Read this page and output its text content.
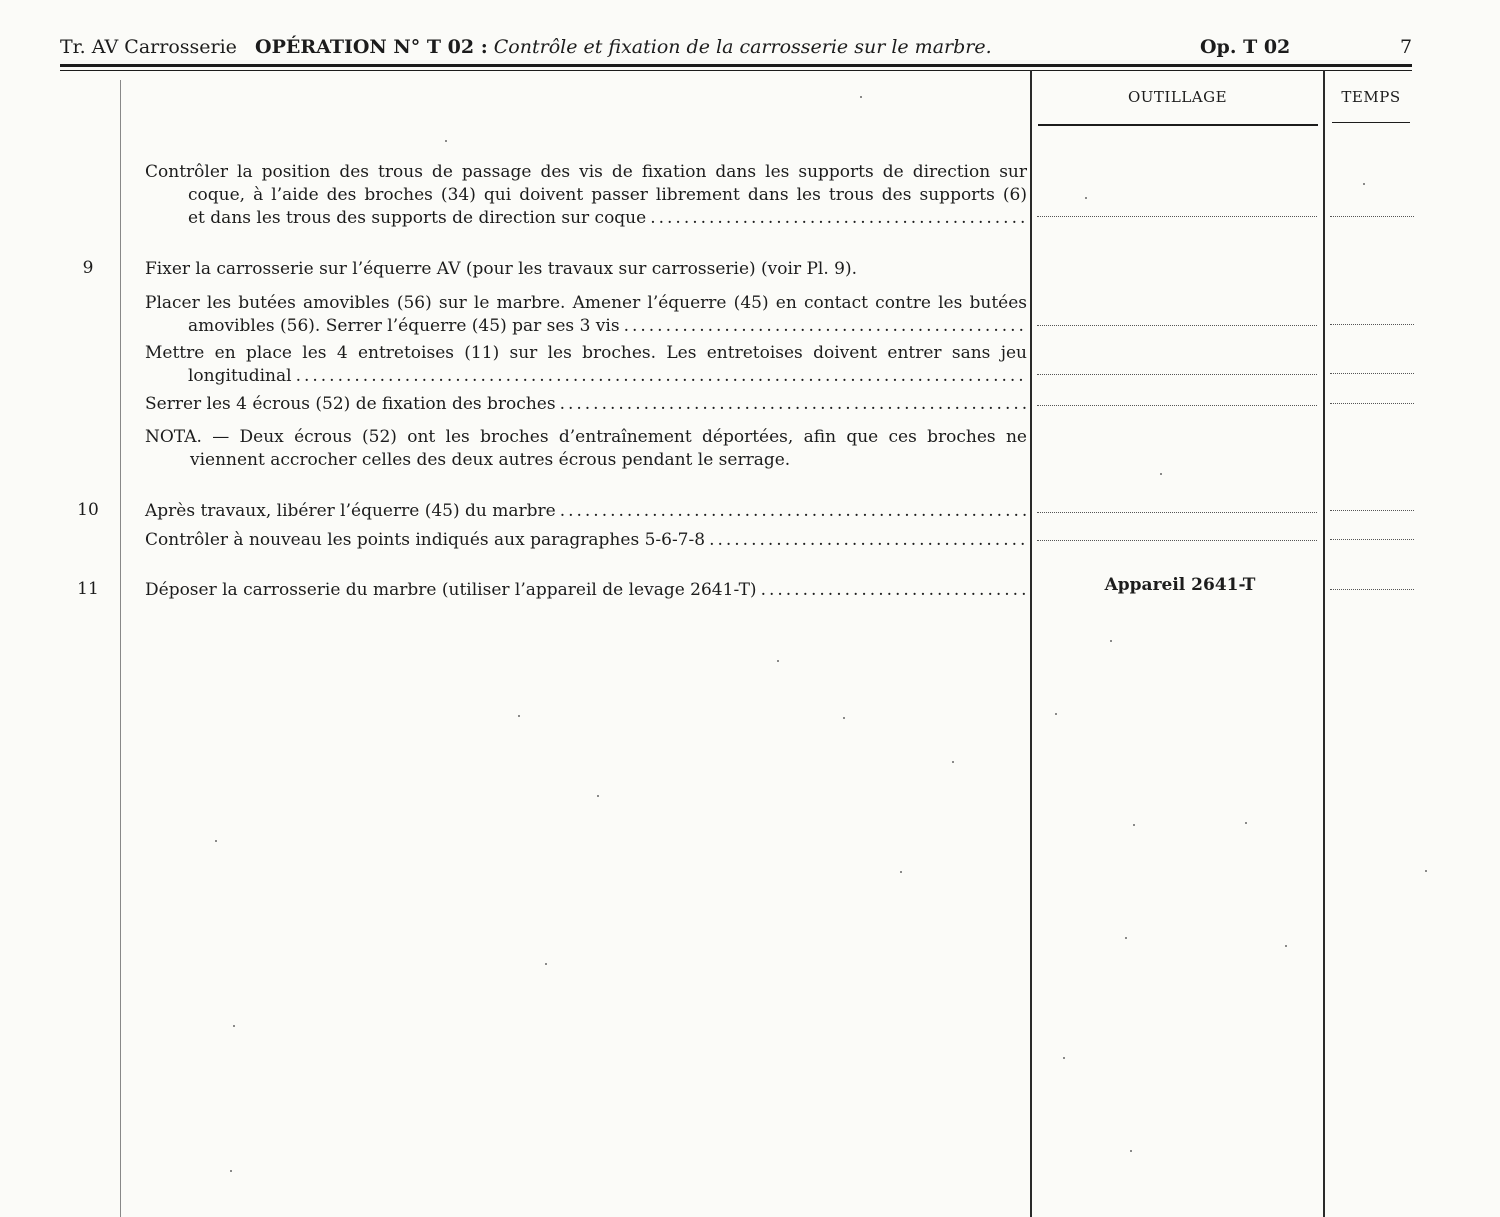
Tr. AV Carrosserie OPÉRATION N° T 02 : Contrôle et fixation de la carrosserie sur le marbre.	Op. T 02	7
OUTILLAGE	TEMPS
Contrôler la position des trous de passage des vis de fixation dans les supports de direction sur
coque, à l’aide des broches (34) qui doivent passer librement dans les trous des supports (6)
et dans les trous des supports de direction sur coque
.....
9	Fixer la carrosserie sur l’équerre AV (pour les travaux sur carrosserie) (voir Pl. 9).
Placer les butées amovibles (56) sur le marbre. Amener l’équerre (45) en contact contre les butées
amovibles (56). Serrer l’équerre (45) par ses 3 vis
.....
Mettre en place les 4 entretoises (11) sur les broches. Les entretoises doivent entrer sans jeu
longitudinal
.....
Serrer les 4 écrous (52) de fixation des broches
.....
NOTA. — Deux écrous (52) ont les broches d’entraînement déportées, afin que ces broches ne
viennent accrocher celles des deux autres écrous pendant le serrage.
10	Après travaux, libérer l’équerre (45) du marbre
.....
Contrôler à nouveau les points indiqués aux paragraphes 5-6-7-8
.....
11	Déposer la carrosserie du marbre (utiliser l’appareil de levage 2641-T)
.....	Appareil 2641-T
